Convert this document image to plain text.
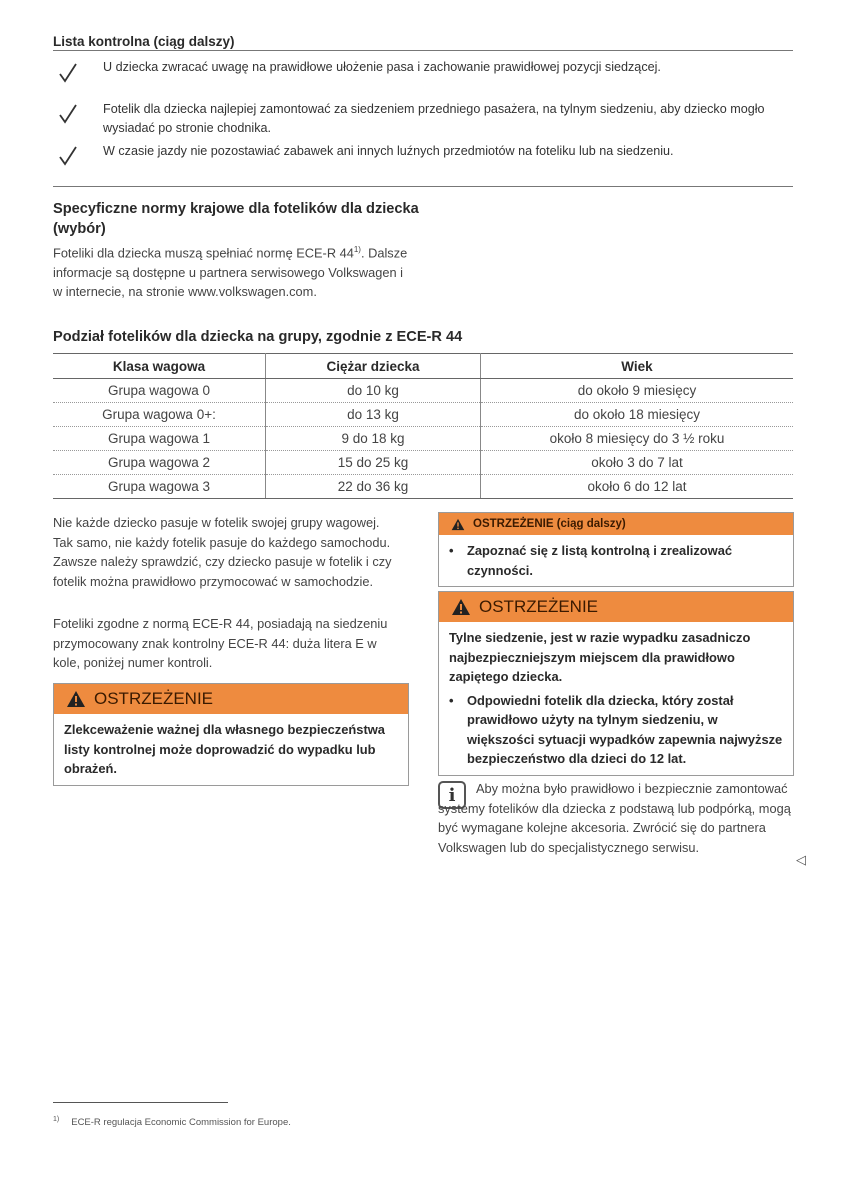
Lista kontrolna (ciąg dalszy)
U dziecka zwracać uwagę na prawidłowe ułożenie pasa i zachowanie prawidłowej pozycji siedzącej.
Fotelik dla dziecka najlepiej zamontować za siedzeniem przedniego pasażera, na tylnym siedzeniu, aby dziecko mogło wysiadać po stronie chodnika.
W czasie jazdy nie pozostawiać zabawek ani innych luźnych przedmiotów na foteliku lub na siedzeniu.
Specyficzne normy krajowe dla fotelików dla dziecka (wybór)
Foteliki dla dziecka muszą spełniać normę ECE-R 44$^{1)}$. Dalsze informacje są dostępne u partnera serwisowego Volkswagen i w internecie, na stronie www.volkswagen.com.
Podział fotelików dla dziecka na grupy, zgodnie z ECE-R 44
Klasa wagowa	Ciężar dziecka	Wiek
Grupa wagowa 0	do 10 kg	do około 9 miesięcy
Grupa wagowa 0+:	do 13 kg	do około 18 miesięcy
Grupa wagowa 1	9 do 18 kg	około 8 miesięcy do 3 ½ roku
Grupa wagowa 2	15 do 25 kg	około 3 do 7 lat
Grupa wagowa 3	22 do 36 kg	około 6 do 12 lat
Nie każde dziecko pasuje w fotelik swojej grupy wagowej. Tak samo, nie każdy fotelik pasuje do każdego samochodu. Zawsze należy sprawdzić, czy dziecko pasuje w fotelik i czy fotelik można prawidłowo przymocować w samochodzie.
Foteliki zgodne z normą ECE-R 44, posiadają na siedzeniu przymocowany znak kontrolny ECE-R 44: duża litera E w kole, poniżej numer kontroli.
OSTRZEŻENIE
Zlekceważenie ważnej dla własnego bezpieczeństwa listy kontrolnej może doprowadzić do wypadku lub obrażeń.
OSTRZEŻENIE (ciąg dalszy)
•	Zapoznać się z listą kontrolną i zrealizować czynności.
OSTRZEŻENIE
Tylne siedzenie, jest w razie wypadku zasadniczo najbezpieczniejszym miejscem dla prawidłowo zapiętego dziecka.
•	Odpowiedni fotelik dla dziecka, który został prawidłowo użyty na tylnym siedzeniu, w większości sytuacji wypadków zapewnia najwyższe bezpieczeństwo dla dzieci do 12 lat.
i	Aby można było prawidłowo i bezpiecznie zamontować systemy fotelików dla dziecka z podstawą lub podpórką, mogą być wymagane kolejne akcesoria. Zwrócić się do partnera Volkswagen lub do specjalistycznego serwisu.
◁
$^{1)}$ ECE-R regulacja Economic Commission for Europe.
